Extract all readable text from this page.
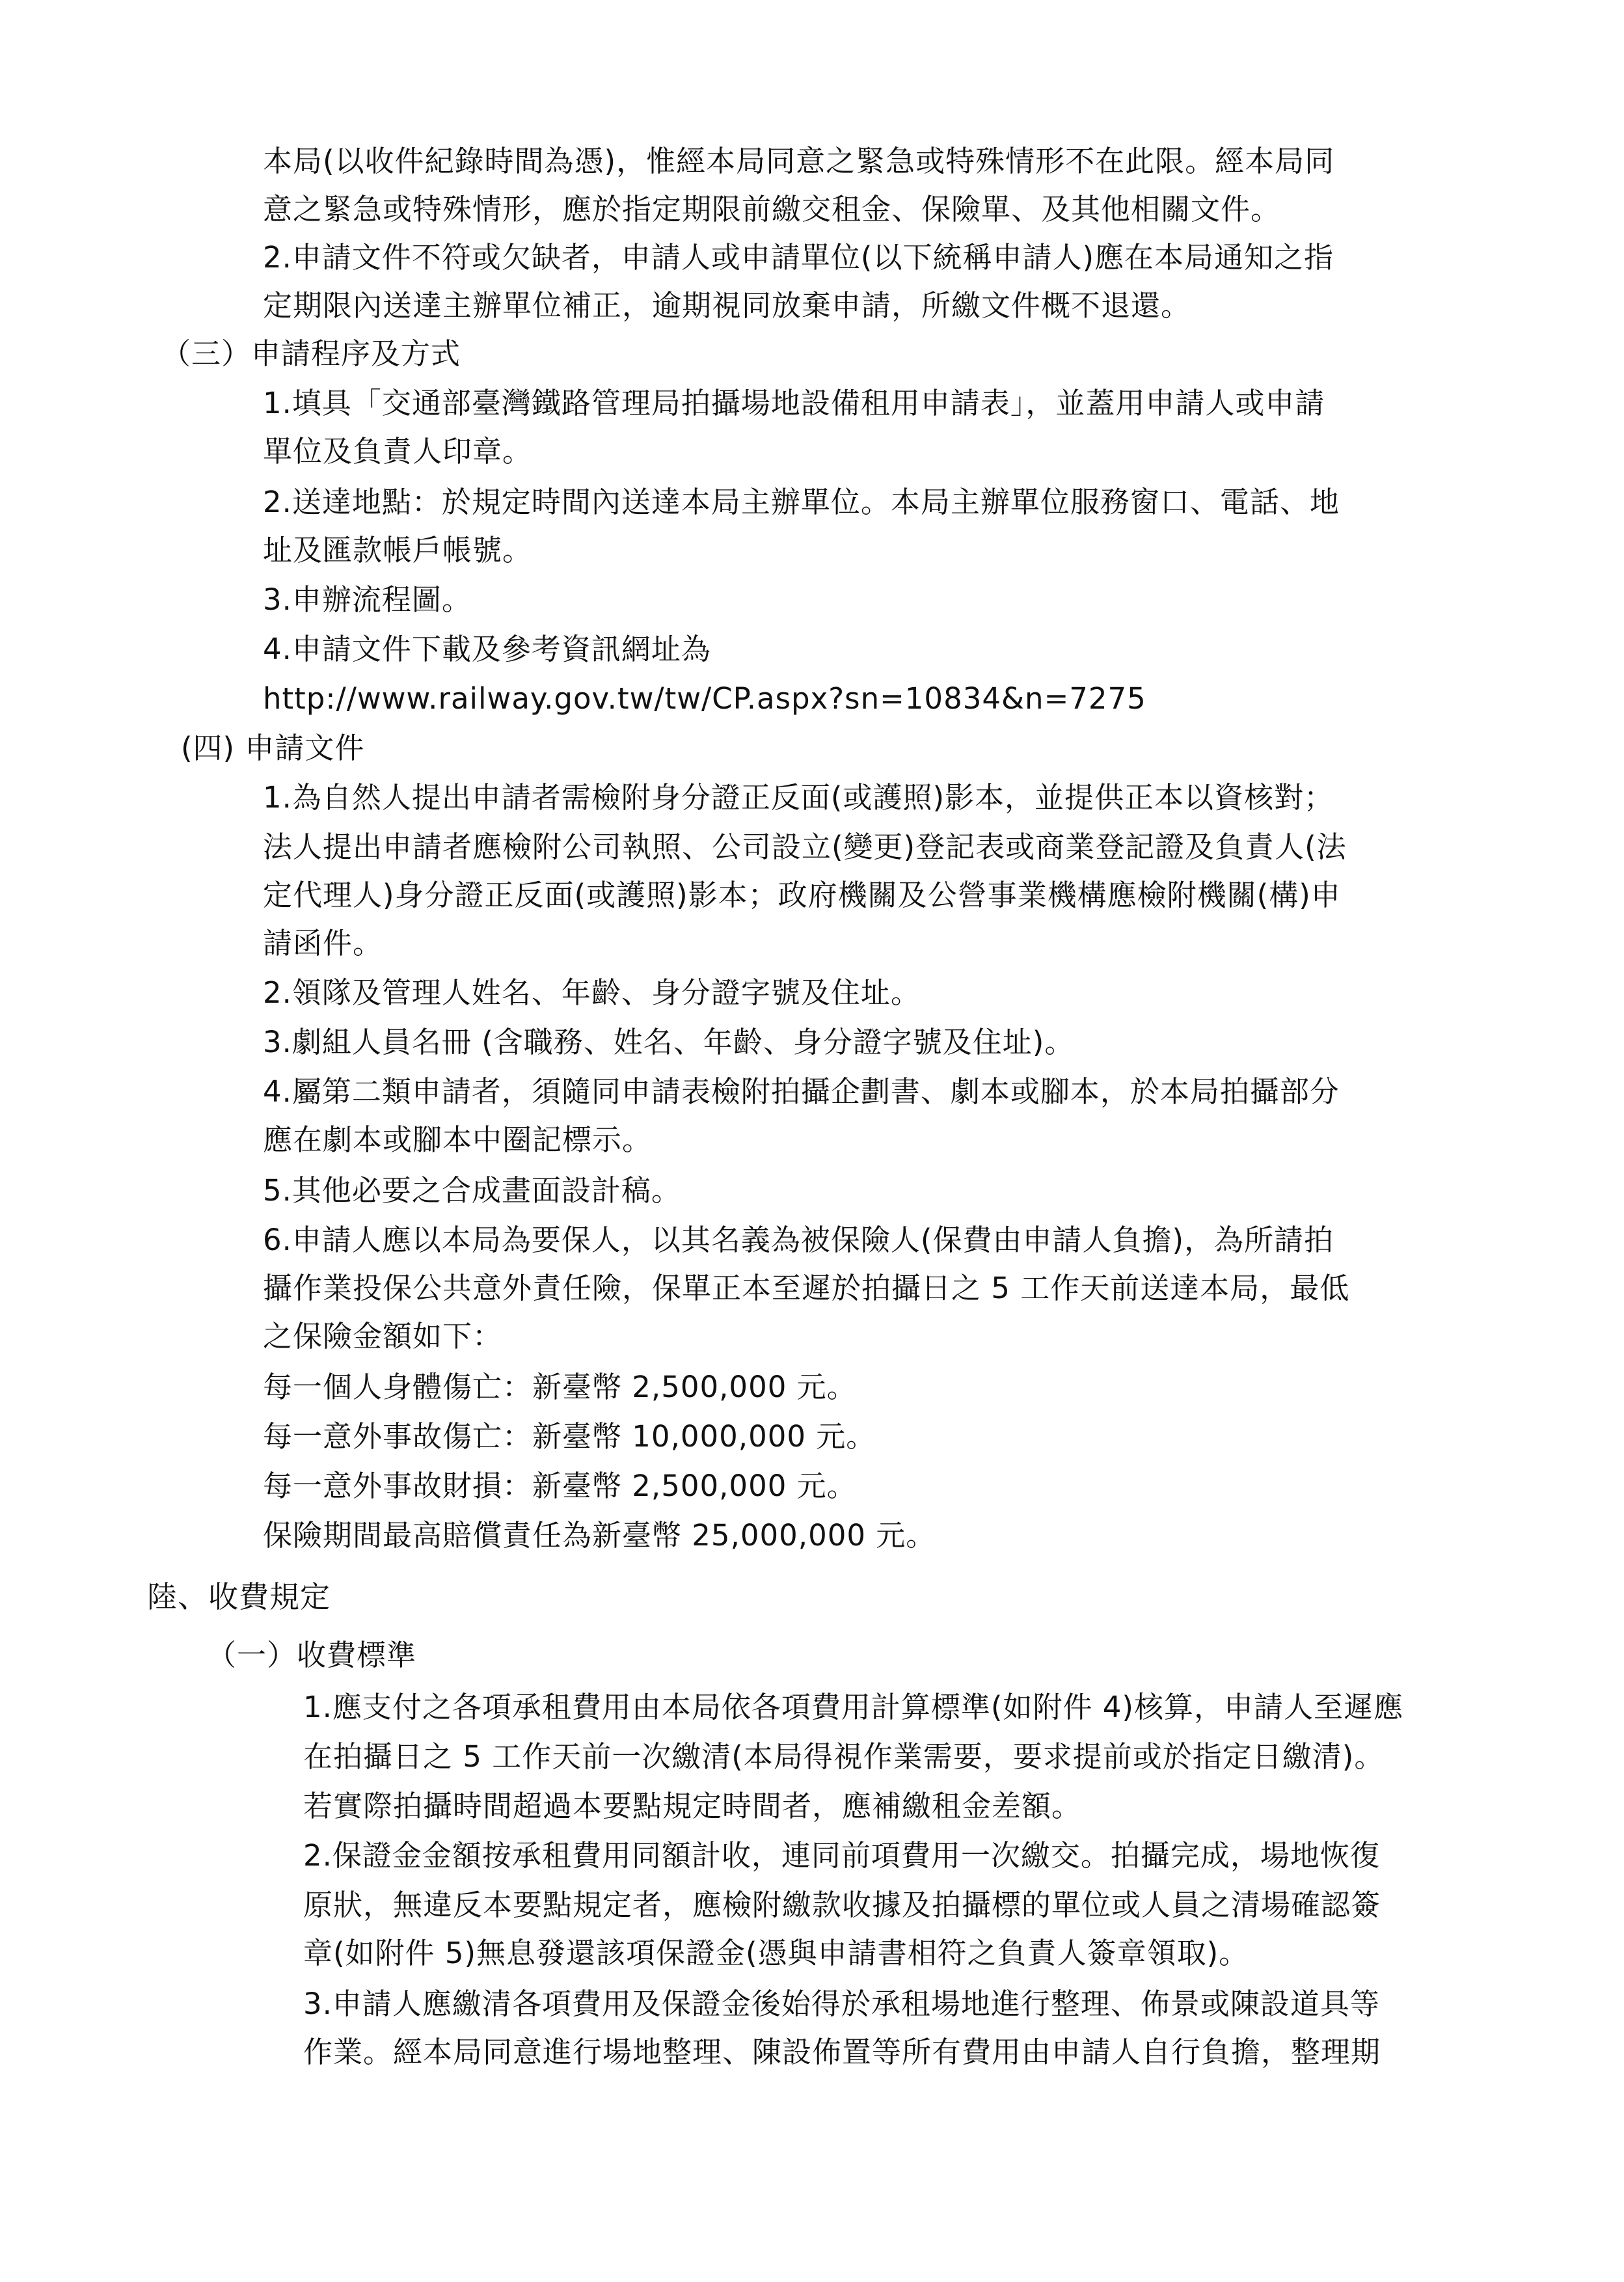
本局(以收件紀錄時間為憑)，惟經本局同意之緊急或特殊情形不在此限。經本局同
意之緊急或特殊情形，應於指定期限前繳交租金、保險單、及其他相關文件。
2.申請文件不符或欠缺者，申請人或申請單位(以下統稱申請人)應在本局通知之指
定期限內送達主辦單位補正，逾期視同放棄申請，所繳文件概不退還。
（三）申請程序及方式
1.填具「交通部臺灣鐵路管理局拍攝場地設備租用申請表」，並蓋用申請人或申請
單位及負責人印章。
2.送達地點：於規定時間內送達本局主辦單位。本局主辦單位服務窗口、電話、地
址及匯款帳戶帳號。
3.申辦流程圖。
4.申請文件下載及參考資訊網址為
http://www.railway.gov.tw/tw/CP.aspx?sn=10834&n=7275
(四) 申請文件
1.為自然人提出申請者需檢附身分證正反面(或護照)影本，並提供正本以資核對；
法人提出申請者應檢附公司執照、公司設立(變更)登記表或商業登記證及負責人(法
定代理人)身分證正反面(或護照)影本；政府機關及公營事業機構應檢附機關(構)申
請函件。
2.領隊及管理人姓名、年齡、身分證字號及住址。
3.劇組人員名冊 (含職務、姓名、年齡、身分證字號及住址)。
4.屬第二類申請者，須隨同申請表檢附拍攝企劃書、劇本或腳本，於本局拍攝部分
應在劇本或腳本中圈記標示。
5.其他必要之合成畫面設計稿。
6.申請人應以本局為要保人，以其名義為被保險人(保費由申請人負擔)，為所請拍
攝作業投保公共意外責任險，保單正本至遲於拍攝日之 5 工作天前送達本局，最低
之保險金額如下：
每一個人身體傷亡：新臺幣 2,500,000 元。
每一意外事故傷亡：新臺幣 10,000,000 元。
每一意外事故財損：新臺幣 2,500,000 元。
保險期間最高賠償責任為新臺幣 25,000,000 元。
陸、收費規定
（一）收費標準
1.應支付之各項承租費用由本局依各項費用計算標準(如附件 4)核算，申請人至遲應
在拍攝日之 5 工作天前一次繳清(本局得視作業需要，要求提前或於指定日繳清)。
若實際拍攝時間超過本要點規定時間者，應補繳租金差額。
2.保證金金額按承租費用同額計收，連同前項費用一次繳交。拍攝完成，場地恢復
原狀，無違反本要點規定者，應檢附繳款收據及拍攝標的單位或人員之清場確認簽
章(如附件 5)無息發還該項保證金(憑與申請書相符之負責人簽章領取)。
3.申請人應繳清各項費用及保證金後始得於承租場地進行整理、佈景或陳設道具等
作業。經本局同意進行場地整理、陳設佈置等所有費用由申請人自行負擔，整理期
